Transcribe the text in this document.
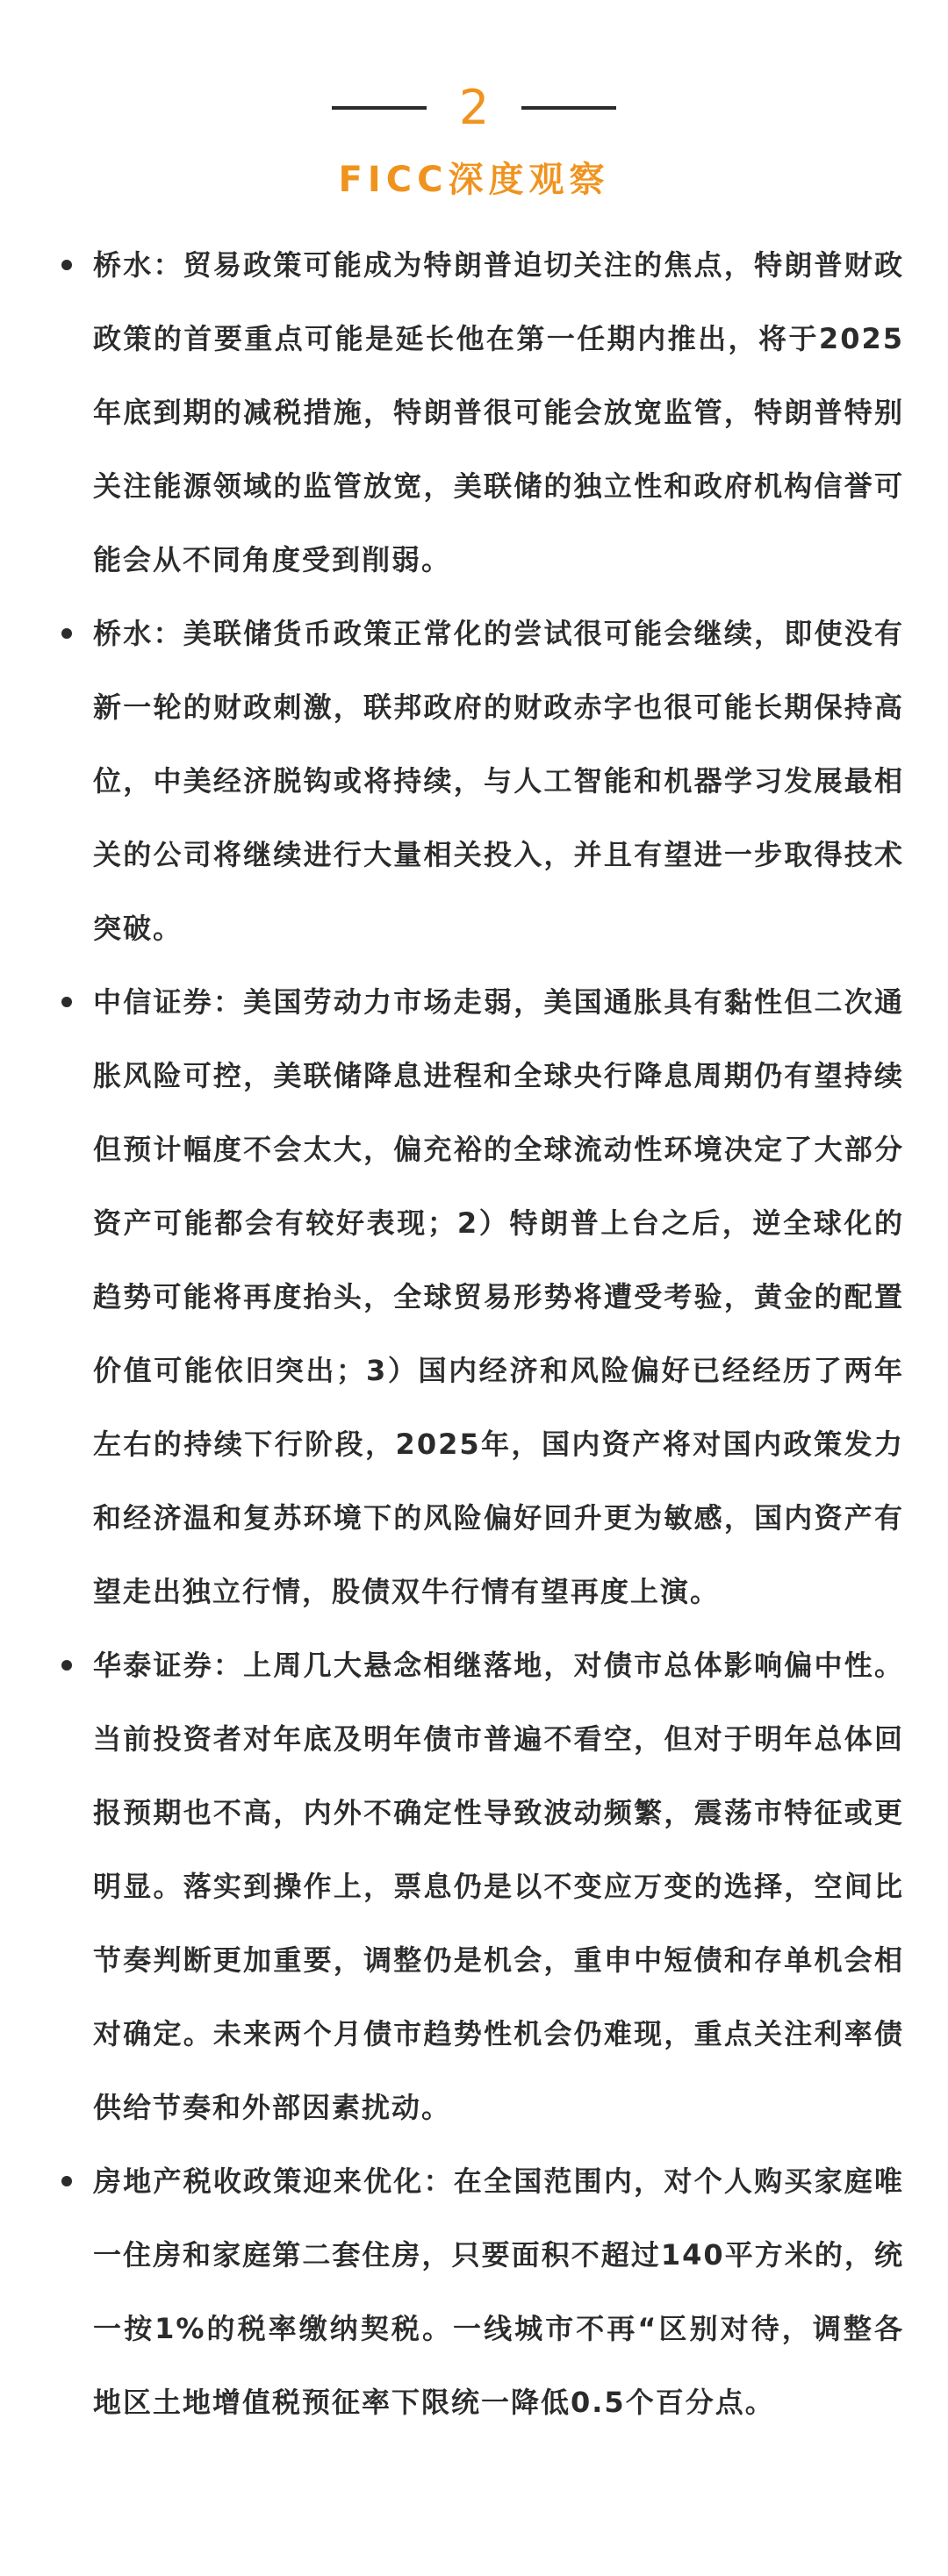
2
FICC深度观察
桥水：贸易政策可能成为特朗普迫切关注的焦点，特朗普财政政策的首要重点可能是延长他在第一任期内推出，将于2025年底到期的减税措施，特朗普很可能会放宽监管，特朗普特别关注能源领域的监管放宽，美联储的独立性和政府机构信誉可能会从不同角度受到削弱。
桥水：美联储货币政策正常化的尝试很可能会继续，即使没有新一轮的财政刺激，联邦政府的财政赤字也很可能长期保持高位，中美经济脱钩或将持续，与人工智能和机器学习发展最相关的公司将继续进行大量相关投入，并且有望进一步取得技术突破。
中信证券：美国劳动力市场走弱，美国通胀具有黏性但二次通胀风险可控，美联储降息进程和全球央行降息周期仍有望持续但预计幅度不会太大，偏充裕的全球流动性环境决定了大部分资产可能都会有较好表现；2）特朗普上台之后，逆全球化的趋势可能将再度抬头，全球贸易形势将遭受考验，黄金的配置价值可能依旧突出；3）国内经济和风险偏好已经经历了两年左右的持续下行阶段，2025年，国内资产将对国内政策发力和经济温和复苏环境下的风险偏好回升更为敏感，国内资产有望走出独立行情，股债双牛行情有望再度上演。
华泰证券：上周几大悬念相继落地，对债市总体影响偏中性。当前投资者对年底及明年债市普遍不看空，但对于明年总体回报预期也不高，内外不确定性导致波动频繁，震荡市特征或更明显。落实到操作上，票息仍是以不变应万变的选择，空间比节奏判断更加重要，调整仍是机会，重申中短债和存单机会相对确定。未来两个月债市趋势性机会仍难现，重点关注利率债供给节奏和外部因素扰动。
房地产税收政策迎来优化：在全国范围内，对个人购买家庭唯一住房和家庭第二套住房，只要面积不超过140平方米的，统一按1%的税率缴纳契税。一线城市不再“区别对待，调整各地区土地增值税预征率下限统一降低0.5个百分点。
